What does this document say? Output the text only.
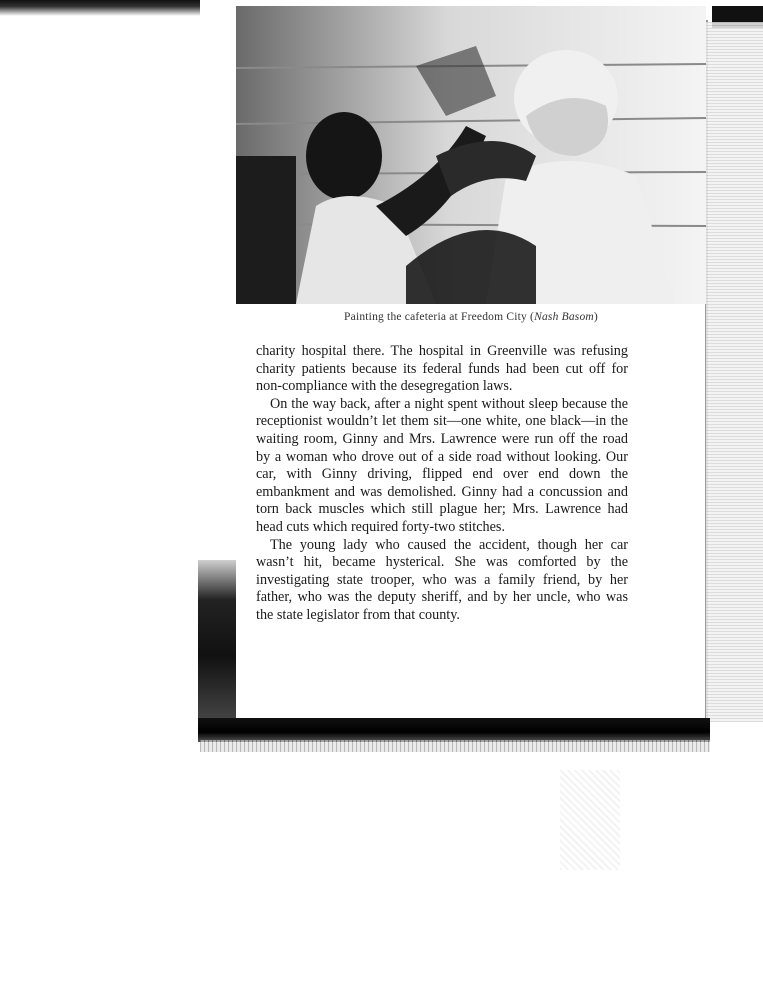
Painting the cafeteria at Freedom City (Nash Basom)

charity hospital there. The hospital in Greenville was refusing charity patients because its federal funds had been cut off for non-compliance with the desegregation laws.

On the way back, after a night spent without sleep because the receptionist wouldn’t let them sit—one white, one black—in the waiting room, Ginny and Mrs. Lawrence were run off the road by a woman who drove out of a side road without looking. Our car, with Ginny driving, flipped end over end down the embankment and was demolished. Ginny had a concussion and torn back muscles which still plague her; Mrs. Lawrence had head cuts which required forty-two stitches.

The young lady who caused the accident, though her car wasn’t hit, became hysterical. She was comforted by the investigating state trooper, who was a family friend, by her father, who was the deputy sheriff, and by her uncle, who was the state legislator from that county.
